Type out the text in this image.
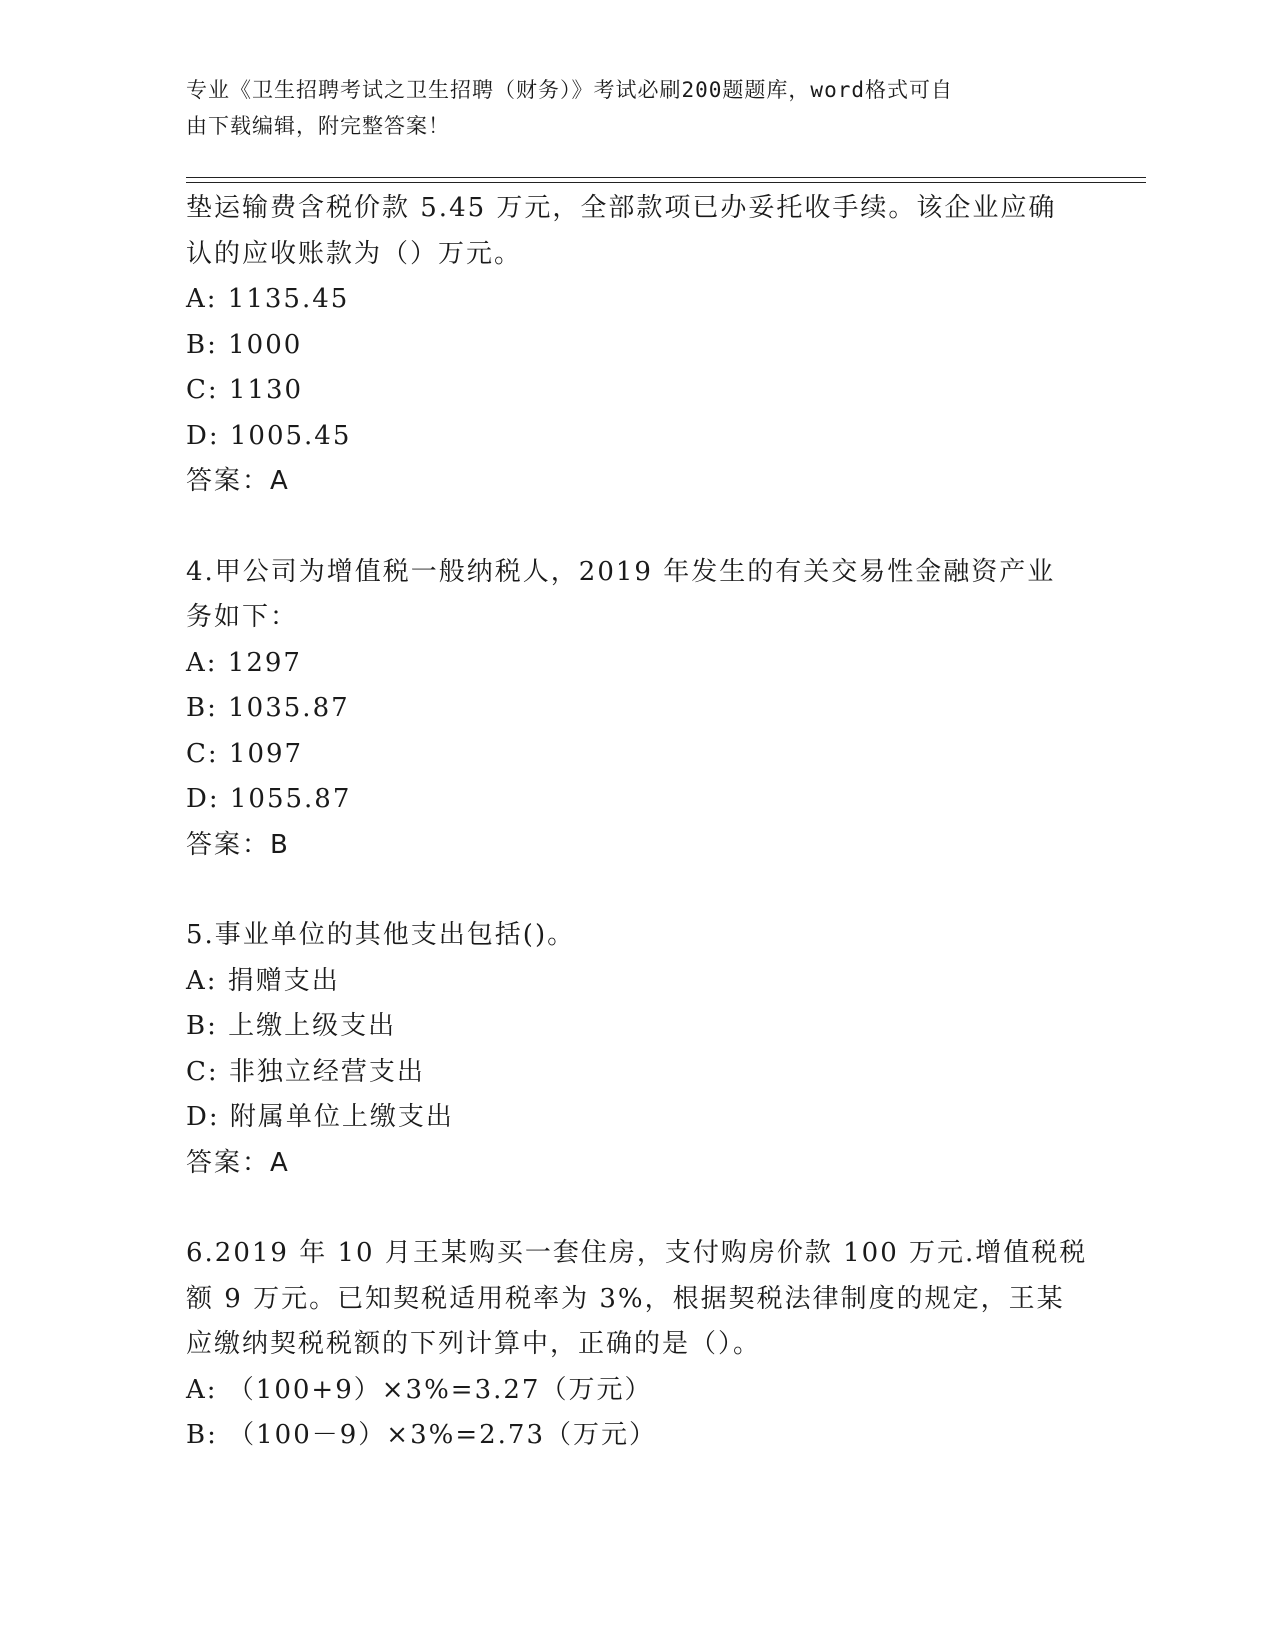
专业《卫生招聘考试之卫生招聘（财务）》考试必刷200题题库，word格式可自
由下载编辑，附完整答案！
垫运输费含税价款 5.45 万元，全部款项已办妥托收手续。该企业应确
认的应收账款为（）万元。
A: 1135.45
B: 1000
C: 1130
D: 1005.45
答案：A
4.甲公司为增值税一般纳税人，2019 年发生的有关交易性金融资产业
务如下：
A: 1297
B: 1035.87
C: 1097
D: 1055.87
答案：B
5.事业单位的其他支出包括()。
A: 捐赠支出
B: 上缴上级支出
C: 非独立经营支出
D: 附属单位上缴支出
答案：A
6.2019 年 10 月王某购买一套住房，支付购房价款 100 万元.增值税税
额 9 万元。已知契税适用税率为 3%，根据契税法律制度的规定，王某
应缴纳契税税额的下列计算中，正确的是（）。
A: （100+9）×3%=3.27（万元）
B: （100－9）×3%=2.73（万元）
